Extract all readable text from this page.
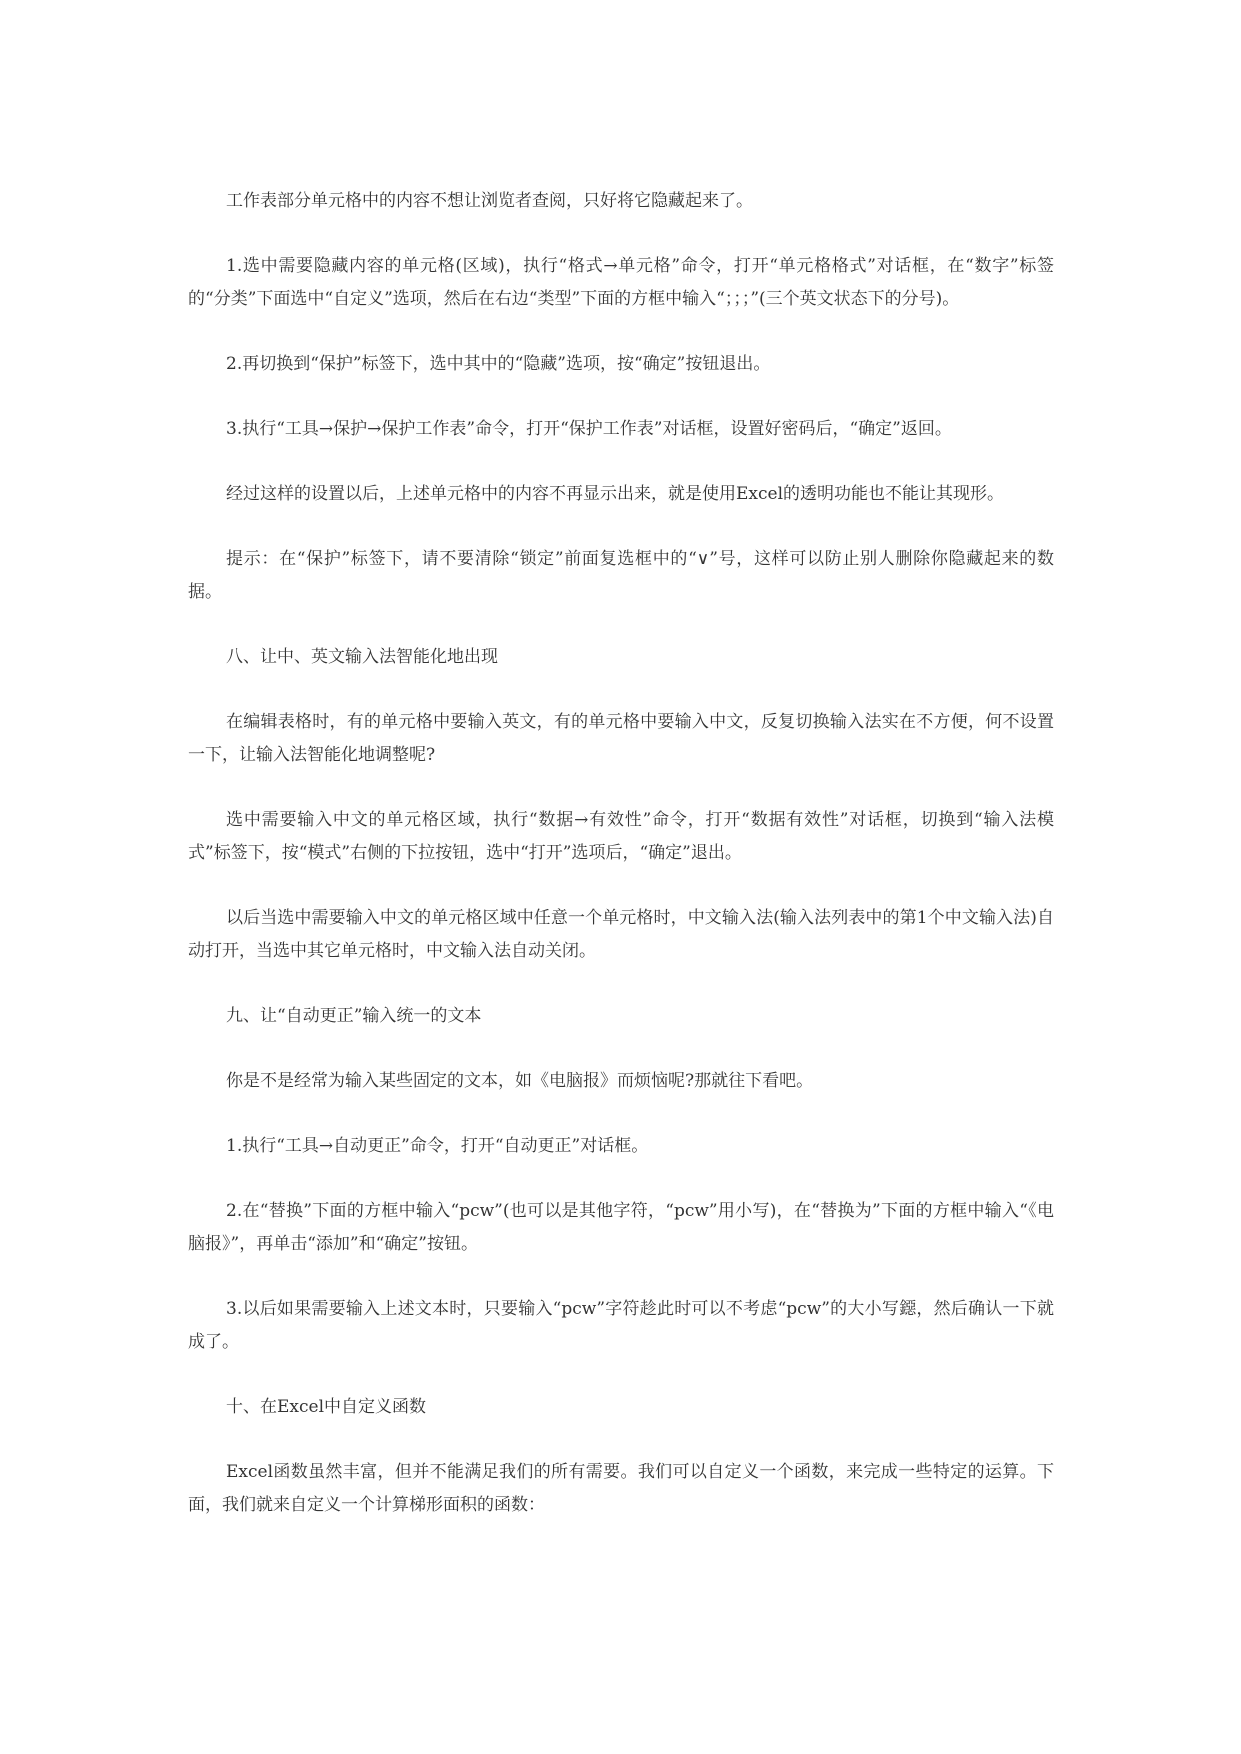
工作表部分单元格中的内容不想让浏览者查阅，只好将它隐藏起来了。

1.选中需要隐藏内容的单元格(区域)，执行“格式→单元格”命令，打开“单元格格式”对话框，在“数字”标签的“分类”下面选中“自定义”选项，然后在右边“类型”下面的方框中输入“；；；”(三个英文状态下的分号)。

2.再切换到“保护”标签下，选中其中的“隐藏”选项，按“确定”按钮退出。

3.执行“工具→保护→保护工作表”命令，打开“保护工作表”对话框，设置好密码后，“确定”返回。

经过这样的设置以后，上述单元格中的内容不再显示出来，就是使用Excel的透明功能也不能让其现形。

提示：在“保护”标签下，请不要清除“锁定”前面复选框中的“∨”号，这样可以防止别人删除你隐藏起来的数据。

八、让中、英文输入法智能化地出现

在编辑表格时，有的单元格中要输入英文，有的单元格中要输入中文，反复切换输入法实在不方便，何不设置一下，让输入法智能化地调整呢?

选中需要输入中文的单元格区域，执行“数据→有效性”命令，打开“数据有效性”对话框，切换到“输入法模式”标签下，按“模式”右侧的下拉按钮，选中“打开”选项后，“确定”退出。

以后当选中需要输入中文的单元格区域中任意一个单元格时，中文输入法(输入法列表中的第1个中文输入法)自动打开，当选中其它单元格时，中文输入法自动关闭。

九、让“自动更正”输入统一的文本

你是不是经常为输入某些固定的文本，如《电脑报》而烦恼呢?那就往下看吧。

1.执行“工具→自动更正”命令，打开“自动更正”对话框。

2.在“替换”下面的方框中输入“pcw”(也可以是其他字符，“pcw”用小写)，在“替换为”下面的方框中输入“《电脑报》”，再单击“添加”和“确定”按钮。

3.以后如果需要输入上述文本时，只要输入“pcw”字符趁此时可以不考虑“pcw”的大小写鐚，然后确认一下就成了。

十、在Excel中自定义函数

Excel函数虽然丰富，但并不能满足我们的所有需要。我们可以自定义一个函数，来完成一些特定的运算。下面，我们就来自定义一个计算梯形面积的函数：
